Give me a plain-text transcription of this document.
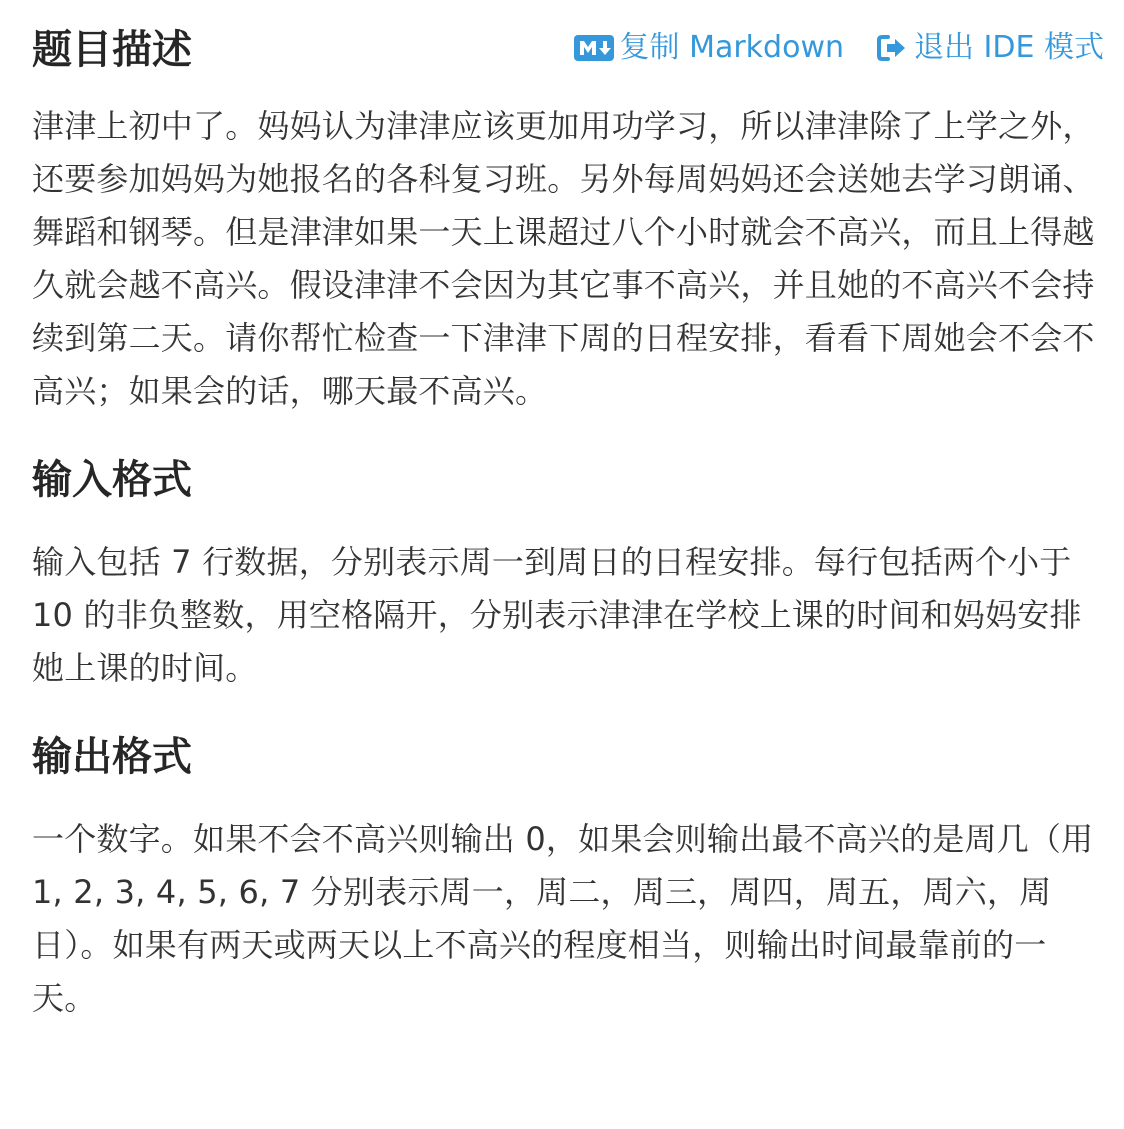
题目描述	复制 Markdown 退出 IDE 模式

津津上初中了。妈妈认为津津应该更加用功学习，所以津津除了上学之外，还要参加妈妈为她报名的各科复习班。另外每周妈妈还会送她去学习朗诵、舞蹈和钢琴。但是津津如果一天上课超过八个小时就会不高兴，而且上得越久就会越不高兴。假设津津不会因为其它事不高兴，并且她的不高兴不会持续到第二天。请你帮忙检查一下津津下周的日程安排，看看下周她会不会不高兴；如果会的话，哪天最不高兴。

输入格式

输入包括 7 行数据，分别表示周一到周日的日程安排。每行包括两个小于 10 的非负整数，用空格隔开，分别表示津津在学校上课的时间和妈妈安排她上课的时间。

输出格式

一个数字。如果不会不高兴则输出 0，如果会则输出最不高兴的是周几（用 1, 2, 3, 4, 5, 6, 7 分别表示周一，周二，周三，周四，周五，周六，周日）。如果有两天或两天以上不高兴的程度相当，则输出时间最靠前的一天。
